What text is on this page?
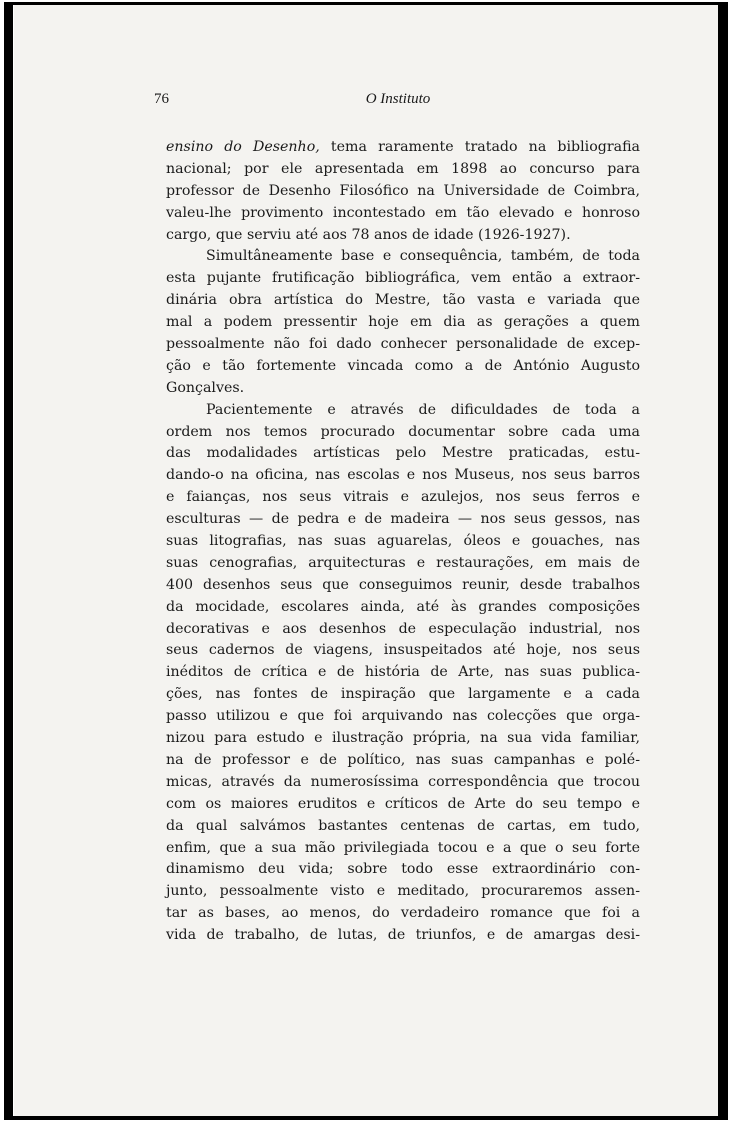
76	O Instituto
ensino do Desenho, tema raramente tratado na bibliografia
nacional; por ele apresentada em 1898 ao concurso para
professor de Desenho Filosófico na Universidade de Coimbra,
valeu-lhe provimento incontestado em tão elevado e honroso
cargo, que serviu até aos 78 anos de idade (1926-1927).
Simultâneamente base e consequência, também, de toda
esta pujante frutificação bibliográfica, vem então a extraor-
dinária obra artística do Mestre, tão vasta e variada que
mal a podem pressentir hoje em dia as gerações a quem
pessoalmente não foi dado conhecer personalidade de excep-
ção e tão fortemente vincada como a de António Augusto
Gonçalves.
Pacientemente e através de dificuldades de toda a
ordem nos temos procurado documentar sobre cada uma
das modalidades artísticas pelo Mestre praticadas, estu-
dando-o na oficina, nas escolas e nos Museus, nos seus barros
e faianças, nos seus vitrais e azulejos, nos seus ferros e
esculturas — de pedra e de madeira — nos seus gessos, nas
suas litografias, nas suas aguarelas, óleos e gouaches, nas
suas cenografias, arquitecturas e restaurações, em mais de
400 desenhos seus que conseguimos reunir, desde trabalhos
da mocidade, escolares ainda, até às grandes composições
decorativas e aos desenhos de especulação industrial, nos
seus cadernos de viagens, insuspeitados até hoje, nos seus
inéditos de crítica e de história de Arte, nas suas publica-
ções, nas fontes de inspiração que largamente e a cada
passo utilizou e que foi arquivando nas colecções que orga-
nizou para estudo e ilustração própria, na sua vida familiar,
na de professor e de político, nas suas campanhas e polé-
micas, através da numerosíssima correspondência que trocou
com os maiores eruditos e críticos de Arte do seu tempo e
da qual salvámos bastantes centenas de cartas, em tudo,
enfim, que a sua mão privilegiada tocou e a que o seu forte
dinamismo deu vida; sobre todo esse extraordinário con-
junto, pessoalmente visto e meditado, procuraremos assen-
tar as bases, ao menos, do verdadeiro romance que foi a
vida de trabalho, de lutas, de triunfos, e de amargas desi-
